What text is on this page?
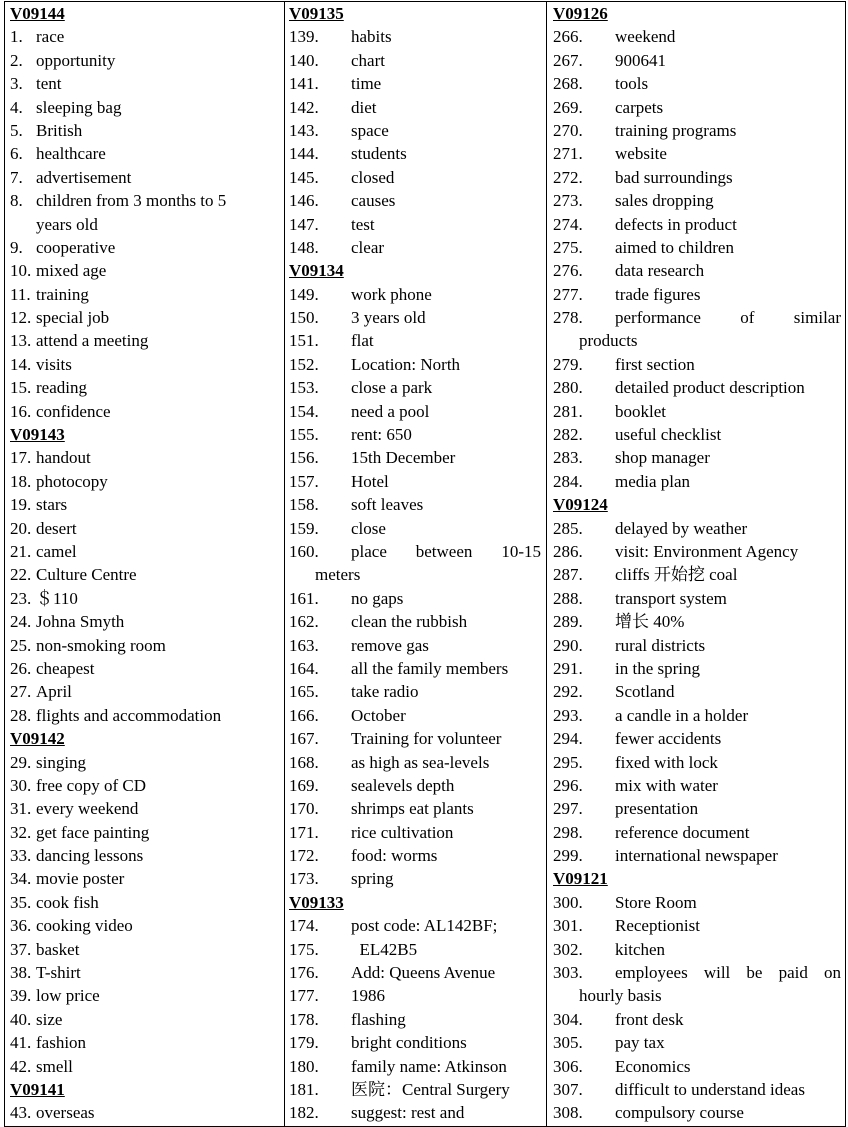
V09144
1. race
2. opportunity
3. tent
4. sleeping bag
5. British
6. healthcare
7. advertisement
8. children from 3 months to 5
years old
9. cooperative
10. mixed age
11. training
12. special job
13. attend a meeting
14. visits
15. reading
16. confidence
V09143
17. handout
18. photocopy
19. stars
20. desert
21. camel
22. Culture Centre
23. ＄110
24. Johna Smyth
25. non-smoking room
26. cheapest
27. April
28. flights and accommodation
V09142
29. singing
30. free copy of CD
31. every weekend
32. get face painting
33. dancing lessons
34. movie poster
35. cook fish
36. cooking video
37. basket
38. T-shirt
39. low price
40. size
41. fashion
42. smell
V09141
43. overseas
V09135
139. habits
140. chart
141. time
142. diet
143. space
144. students
145. closed
146. causes
147. test
148. clear
V09134
149. work phone
150. 3 years old
151. flat
152. Location: North
153. close a park
154. need a pool
155. rent: 650
156. 15th December
157. Hotel
158. soft leaves
159. close
160. place between 10-15
meters
161. no gaps
162. clean the rubbish
163. remove gas
164. all the family members
165. take radio
166. October
167. Training for volunteer
168. as high as sea-levels
169. sealevels depth
170. shrimps eat plants
171. rice cultivation
172. food: worms
173. spring
V09133
174. post code: AL142BF;
175.  EL42B5
176. Add: Queens Avenue
177. 1986
178. flashing
179. bright conditions
180. family name: Atkinson
181. 医院：Central Surgery
182. suggest: rest and
V09126
266. weekend
267. 900641
268. tools
269. carpets
270. training programs
271. website
272. bad surroundings
273. sales dropping
274. defects in product
275. aimed to children
276. data research
277. trade figures
278. performance of similar
products
279. first section
280. detailed product description
281. booklet
282. useful checklist
283. shop manager
284. media plan
V09124
285. delayed by weather
286. visit: Environment Agency
287. cliffs 开始挖 coal
288. transport system
289. 增长 40%
290. rural districts
291. in the spring
292. Scotland
293. a candle in a holder
294. fewer accidents
295. fixed with lock
296. mix with water
297. presentation
298. reference document
299. international newspaper
V09121
300. Store Room
301. Receptionist
302. kitchen
303. employees will be paid on
hourly basis
304. front desk
305. pay tax
306. Economics
307. difficult to understand ideas
308. compulsory course
